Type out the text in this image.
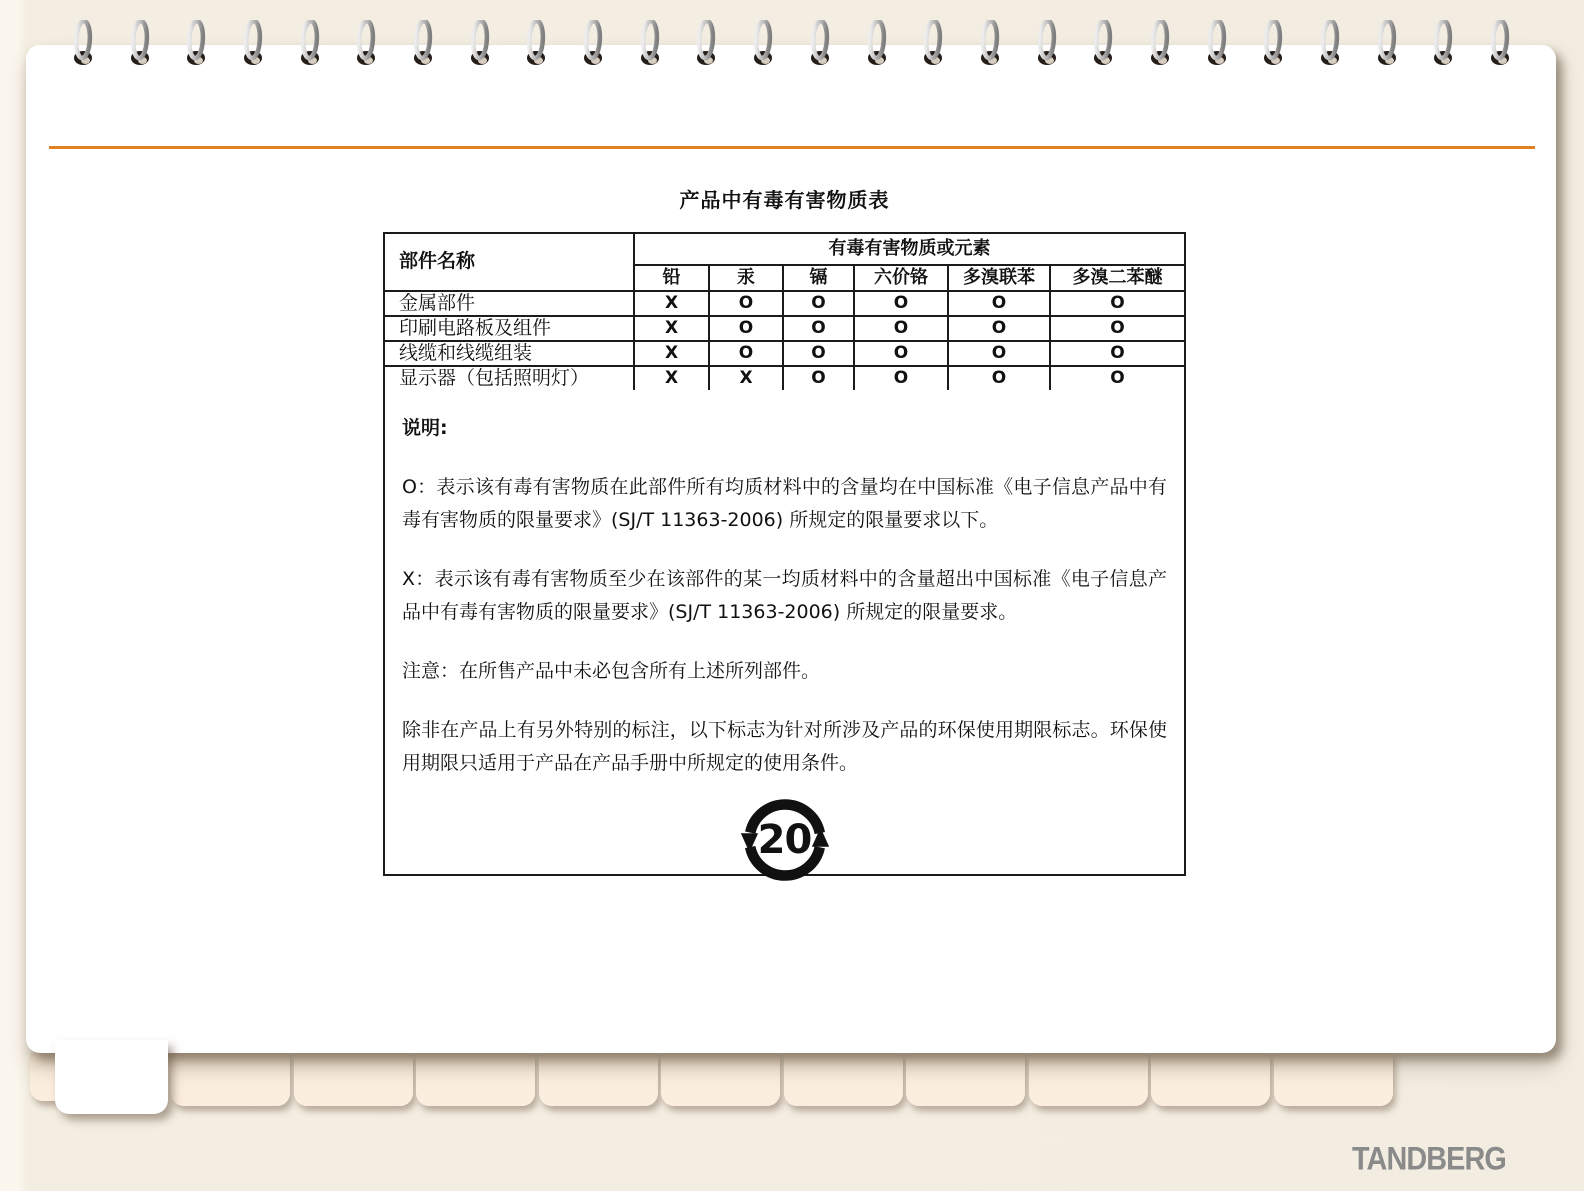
产品中有毒有害物质表
部件名称	有毒有害物质或元素					
	铅	汞	镉	六价铬	多溴联苯	多溴二苯醚
金属部件	X	O	O	O	O	O
印刷电路板及组件	X	O	O	O	O	O
线缆和线缆组装	X	O	O	O	O	O
显示器（包括照明灯）	X	X	O	O	O	O

说明:

O：表示该有毒有害物质在此部件所有均质材料中的含量均在中国标准《电子信息产品中有毒有害物质的限量要求》(SJ/T 11363-2006) 所规定的限量要求以下。

X：表示该有毒有害物质至少在该部件的某一均质材料中的含量超出中国标准《电子信息产品中有毒有害物质的限量要求》(SJ/T 11363-2006) 所规定的限量要求。

注意：在所售产品中未必包含所有上述所列部件。

除非在产品上有另外特别的标注，以下标志为针对所涉及产品的环保使用期限标志。环保使用期限只适用于产品在产品手册中所规定的使用条件。

20
TANDBERG
